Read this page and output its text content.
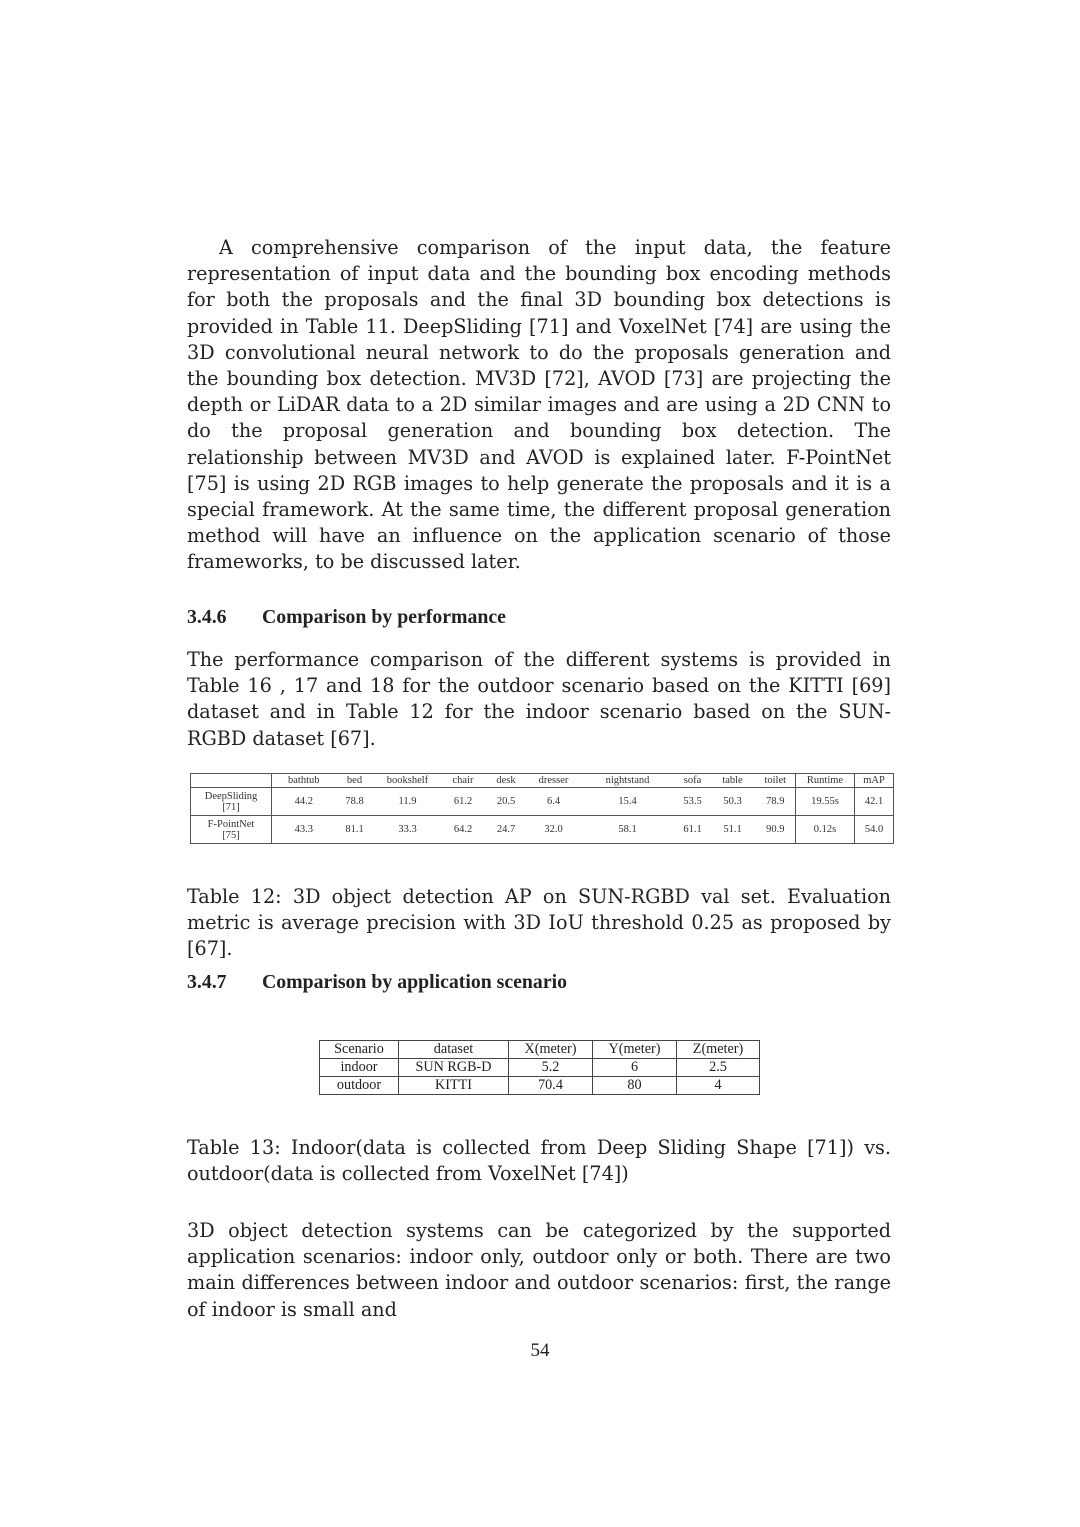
A comprehensive comparison of the input data, the feature representation of input data and the bounding box encoding methods for both the proposals and the final 3D bounding box detections is provided in Table 11. DeepSliding [71] and VoxelNet [74] are using the 3D convolutional neural network to do the proposals generation and the bounding box detection. MV3D [72], AVOD [73] are projecting the depth or LiDAR data to a 2D similar images and are using a 2D CNN to do the proposal generation and bounding box detection. The relationship between MV3D and AVOD is explained later. F-PointNet [75] is using 2D RGB images to help generate the proposals and it is a special framework. At the same time, the different proposal generation method will have an influence on the application scenario of those frameworks, to be discussed later.

3.4.6 Comparison by performance

The performance comparison of the different systems is provided in Table 16 , 17 and 18 for the outdoor scenario based on the KITTI [69] dataset and in Table 12 for the indoor scenario based on the SUN-RGBD dataset [67].

	bathtub	bed	bookshelf	chair	desk	dresser	nightstand	sofa	table	toilet	Runtime	mAP
DeepSliding
[71]	44.2	78.8	11.9	61.2	20.5	6.4	15.4	53.5	50.3	78.9	19.55s	42.1
F-PointNet
[75]	43.3	81.1	33.3	64.2	24.7	32.0	58.1	61.1	51.1	90.9	0.12s	54.0

Table 12: 3D object detection AP on SUN-RGBD val set. Evaluation metric is average precision with 3D IoU threshold 0.25 as proposed by [67].

3.4.7 Comparison by application scenario
Scenario	dataset	X(meter)	Y(meter)	Z(meter)
indoor	SUN RGB-D	5.2	6	2.5
outdoor	KITTI	70.4	80	4

Table 13: Indoor(data is collected from Deep Sliding Shape [71]) vs. outdoor(data is collected from VoxelNet [74])

3D object detection systems can be categorized by the supported application scenarios: indoor only, outdoor only or both. There are two main differences between indoor and outdoor scenarios: first, the range of indoor is small and

54
